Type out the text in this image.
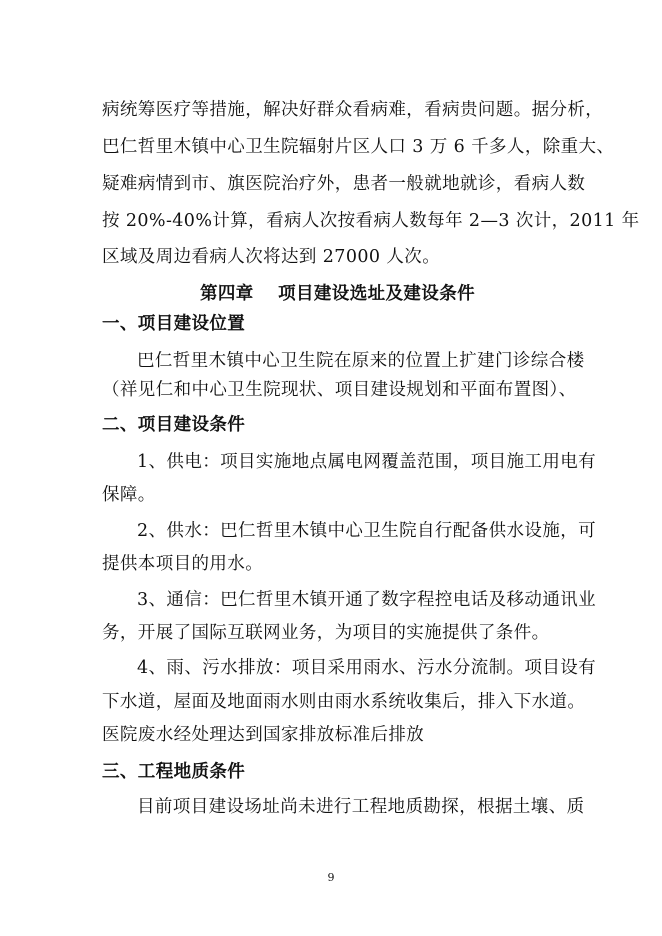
病统筹医疗等措施，解决好群众看病难，看病贵问题。据分析，
巴仁哲里木镇中心卫生院辐射片区人口 3 万 6 千多人，除重大、
疑难病情到市、旗医院治疗外，患者一般就地就诊，看病人数
按 20%-40%计算，看病人次按看病人数每年 2—3 次计，2011 年
区域及周边看病人次将达到 27000 人次。
第四章　 项目建设选址及建设条件
一、项目建设位置
巴仁哲里木镇中心卫生院在原来的位置上扩建门诊综合楼
（祥见仁和中心卫生院现状、项目建设规划和平面布置图）、
二、项目建设条件
1、供电：项目实施地点属电网覆盖范围，项目施工用电有
保障。
2、供水：巴仁哲里木镇中心卫生院自行配备供水设施，可
提供本项目的用水。
3、通信：巴仁哲里木镇开通了数字程控电话及移动通讯业
务，开展了国际互联网业务，为项目的实施提供了条件。
4、雨、污水排放：项目采用雨水、污水分流制。项目设有
下水道，屋面及地面雨水则由雨水系统收集后，排入下水道。
医院废水经处理达到国家排放标准后排放
三、工程地质条件
目前项目建设场址尚未进行工程地质勘探，根据土壤、质
9
